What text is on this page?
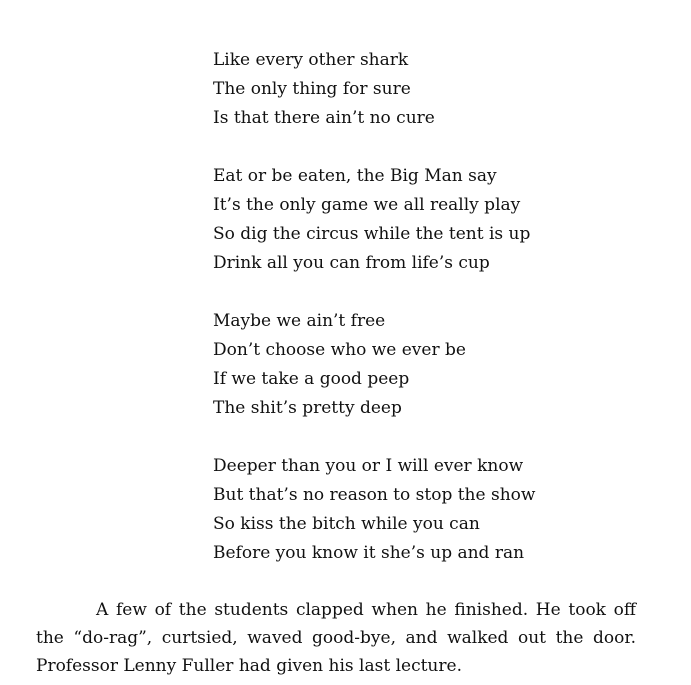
Like every other shark
The only thing for sure
Is that there ain’t no cure
Eat or be eaten, the Big Man say
It’s the only game we all really play
So dig the circus while the tent is up
Drink all you can from life’s cup
Maybe we ain’t free
Don’t choose who we ever be
If we take a good peep
The shit’s pretty deep
Deeper than you or I will ever know
But that’s no reason to stop the show
So kiss the bitch while you can
Before you know it she’s up and ran

A few of the students clapped when he finished. He took off the “do-rag”, curtsied, waved good-bye, and walked out the door. Professor Lenny Fuller had given his last lecture.
